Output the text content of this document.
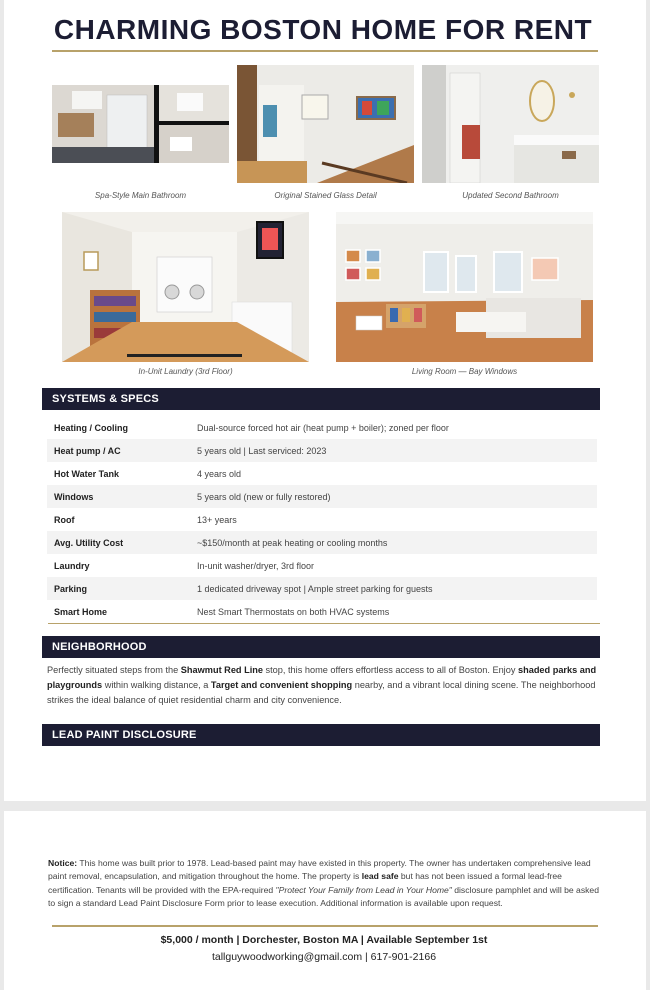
CHARMING BOSTON HOME FOR RENT
Spa-Style Main Bathroom	Original Stained Glass Detail	Updated Second Bathroom
In-Unit Laundry (3rd Floor)	Living Room — Bay Windows
SYSTEMS & SPECS
Heating / Cooling	Dual-source forced hot air (heat pump + boiler); zoned per floor
Heat pump / AC	5 years old | Last serviced: 2023
Hot Water Tank	4 years old
Windows	5 years old (new or fully restored)
Roof	13+ years
Avg. Utility Cost	~$150/month at peak heating or cooling months
Laundry	In-unit washer/dryer, 3rd floor
Parking	1 dedicated driveway spot | Ample street parking for guests
Smart Home	Nest Smart Thermostats on both HVAC systems
NEIGHBORHOOD
Perfectly situated steps from the Shawmut Red Line stop, this home offers effortless access to all of Boston. Enjoy shaded parks and playgrounds within walking distance, a Target and convenient shopping nearby, and a vibrant local dining scene. The neighborhood strikes the ideal balance of quiet residential charm and city convenience.
LEAD PAINT DISCLOSURE
Notice: This home was built prior to 1978. Lead-based paint may have existed in this property. The owner has undertaken comprehensive lead paint removal, encapsulation, and mitigation throughout the home. The property is lead safe but has not been issued a formal lead-free certification. Tenants will be provided with the EPA-required "Protect Your Family from Lead in Your Home" disclosure pamphlet and will be asked to sign a standard Lead Paint Disclosure Form prior to lease execution. Additional information is available upon request.
$5,000 / month | Dorchester, Boston MA | Available September 1st
tallguywoodworking@gmail.com | 617-901-2166
